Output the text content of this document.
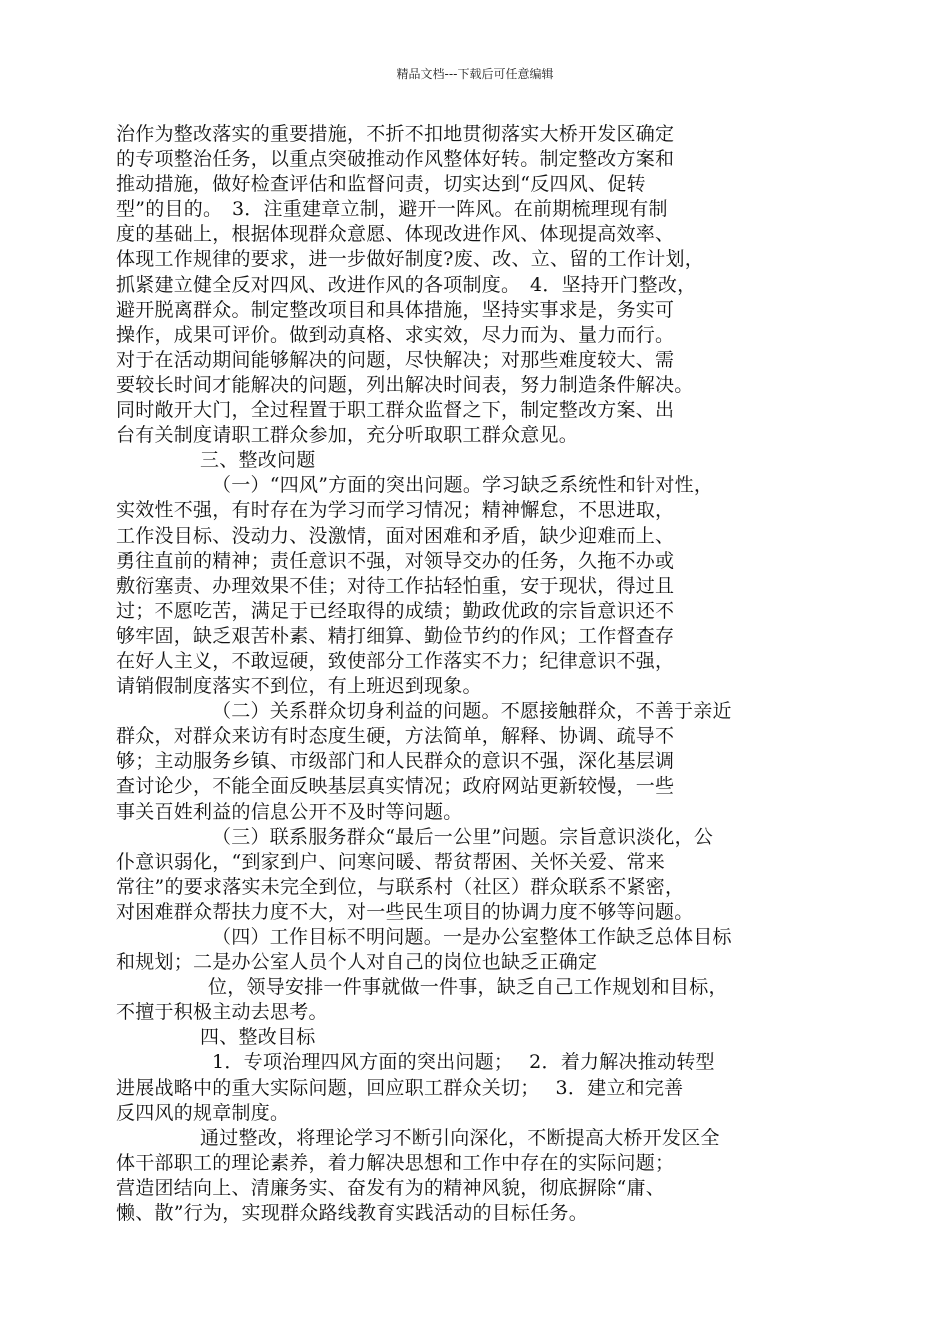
精品文档---下载后可任意编辑
治作为整改落实的重要措施，不折不扣地贯彻落实大桥开发区确定
的专项整治任务，以重点突破推动作风整体好转。制定整改方案和
推动措施，做好检查评估和监督问责，切实达到“反四风、促转
型”的目的。　3．注重建章立制，避开一阵风。在前期梳理现有制
度的基础上，根据体现群众意愿、体现改进作风、体现提高效率、
体现工作规律的要求，进一步做好制度?废、改、立、留的工作计划，
抓紧建立健全反对四风、改进作风的各项制度。　4．坚持开门整改，
避开脱离群众。制定整改项目和具体措施，坚持实事求是，务实可
操作，成果可评价。做到动真格、求实效，尽力而为、量力而行。
对于在活动期间能够解决的问题，尽快解决；对那些难度较大、需
要较长时间才能解决的问题，列出解决时间表，努力制造条件解决。
同时敞开大门，全过程置于职工群众监督之下，制定整改方案、出
台有关制度请职工群众参加，充分听取职工群众意见。
三、整改问题
（一）“四风”方面的突出问题。学习缺乏系统性和针对性，
实效性不强，有时存在为学习而学习情况；精神懈怠，不思进取，
工作没目标、没动力、没激情，面对困难和矛盾，缺少迎难而上、
勇往直前的精神；责任意识不强，对领导交办的任务，久拖不办或
敷衍塞责、办理效果不佳；对待工作拈轻怕重，安于现状，得过且
过；不愿吃苦，满足于已经取得的成绩；勤政优政的宗旨意识还不
够牢固，缺乏艰苦朴素、精打细算、勤俭节约的作风；工作督查存
在好人主义，不敢逗硬，致使部分工作落实不力；纪律意识不强，
请销假制度落实不到位，有上班迟到现象。
（二）关系群众切身利益的问题。不愿接触群众，不善于亲近
群众，对群众来访有时态度生硬，方法简单，解释、协调、疏导不
够；主动服务乡镇、市级部门和人民群众的意识不强，深化基层调
查讨论少，不能全面反映基层真实情况；政府网站更新较慢，一些
事关百姓利益的信息公开不及时等问题。
（三）联系服务群众“最后一公里”问题。宗旨意识淡化，公
仆意识弱化，“到家到户、问寒问暖、帮贫帮困、关怀关爱、常来
常往”的要求落实未完全到位，与联系村（社区）群众联系不紧密，
对困难群众帮扶力度不大，对一些民生项目的协调力度不够等问题。
（四）工作目标不明问题。一是办公室整体工作缺乏总体目标
和规划；二是办公室人员个人对自己的岗位也缺乏正确定
位，领导安排一件事就做一件事，缺乏自己工作规划和目标，
不擅于积极主动去思考。
四、整改目标
1．专项治理四风方面的突出问题；　 2．着力解决推动转型
进展战略中的重大实际问题，回应职工群众关切；　 3．建立和完善
反四风的规章制度。
通过整改，将理论学习不断引向深化，不断提高大桥开发区全
体干部职工的理论素养，着力解决思想和工作中存在的实际问题；
营造团结向上、清廉务实、奋发有为的精神风貌，彻底摒除“庸、
懒、散”行为，实现群众路线教育实践活动的目标任务。
